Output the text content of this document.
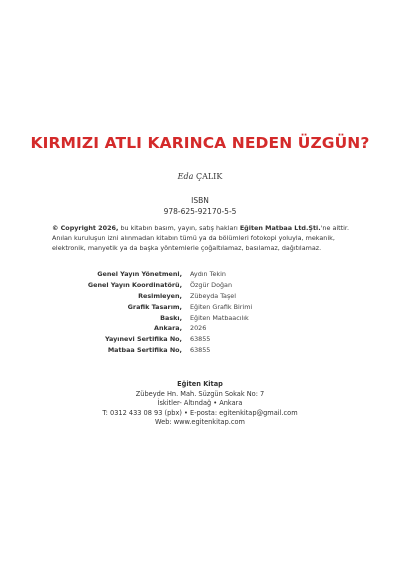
KIRMIZI ATLI KARINCA NEDEN ÜZGÜN?
Eda ÇALIK
ISBN
978-625-92170-5-5
© Copyright 2026, bu kitabın basım, yayın, satış hakları Eğiten Matbaa Ltd.Şti.'ne aittir. Anılan kuruluşun izni alınmadan kitabın tümü ya da bölümleri fotokopi yoluyla, mekanik, elektronik, manyetik ya da başka yöntemlerle çoğaltılamaz, basılamaz, dağıtılamaz.
Genel Yayın Yönetmeni, Aydın Tekin
Genel Yayın Koordinatörü, Özgür Doğan
Resimleyen, Zübeyda Taşel
Grafik Tasarım, Eğiten Grafik Birimi
Baskı, Eğiten Matbaacılık
Ankara, 2026
Yayınevi Sertifika No, 63855
Matbaa Sertifika No, 63855
Eğiten Kitap
Zübeyde Hn. Mah. Süzgün Sokak No: 7
İskitler- Altındağ • Ankara
T: 0312 433 08 93 (pbx) • E-posta: egitenkitap@gmail.com
Web: www.egitenkitap.com
